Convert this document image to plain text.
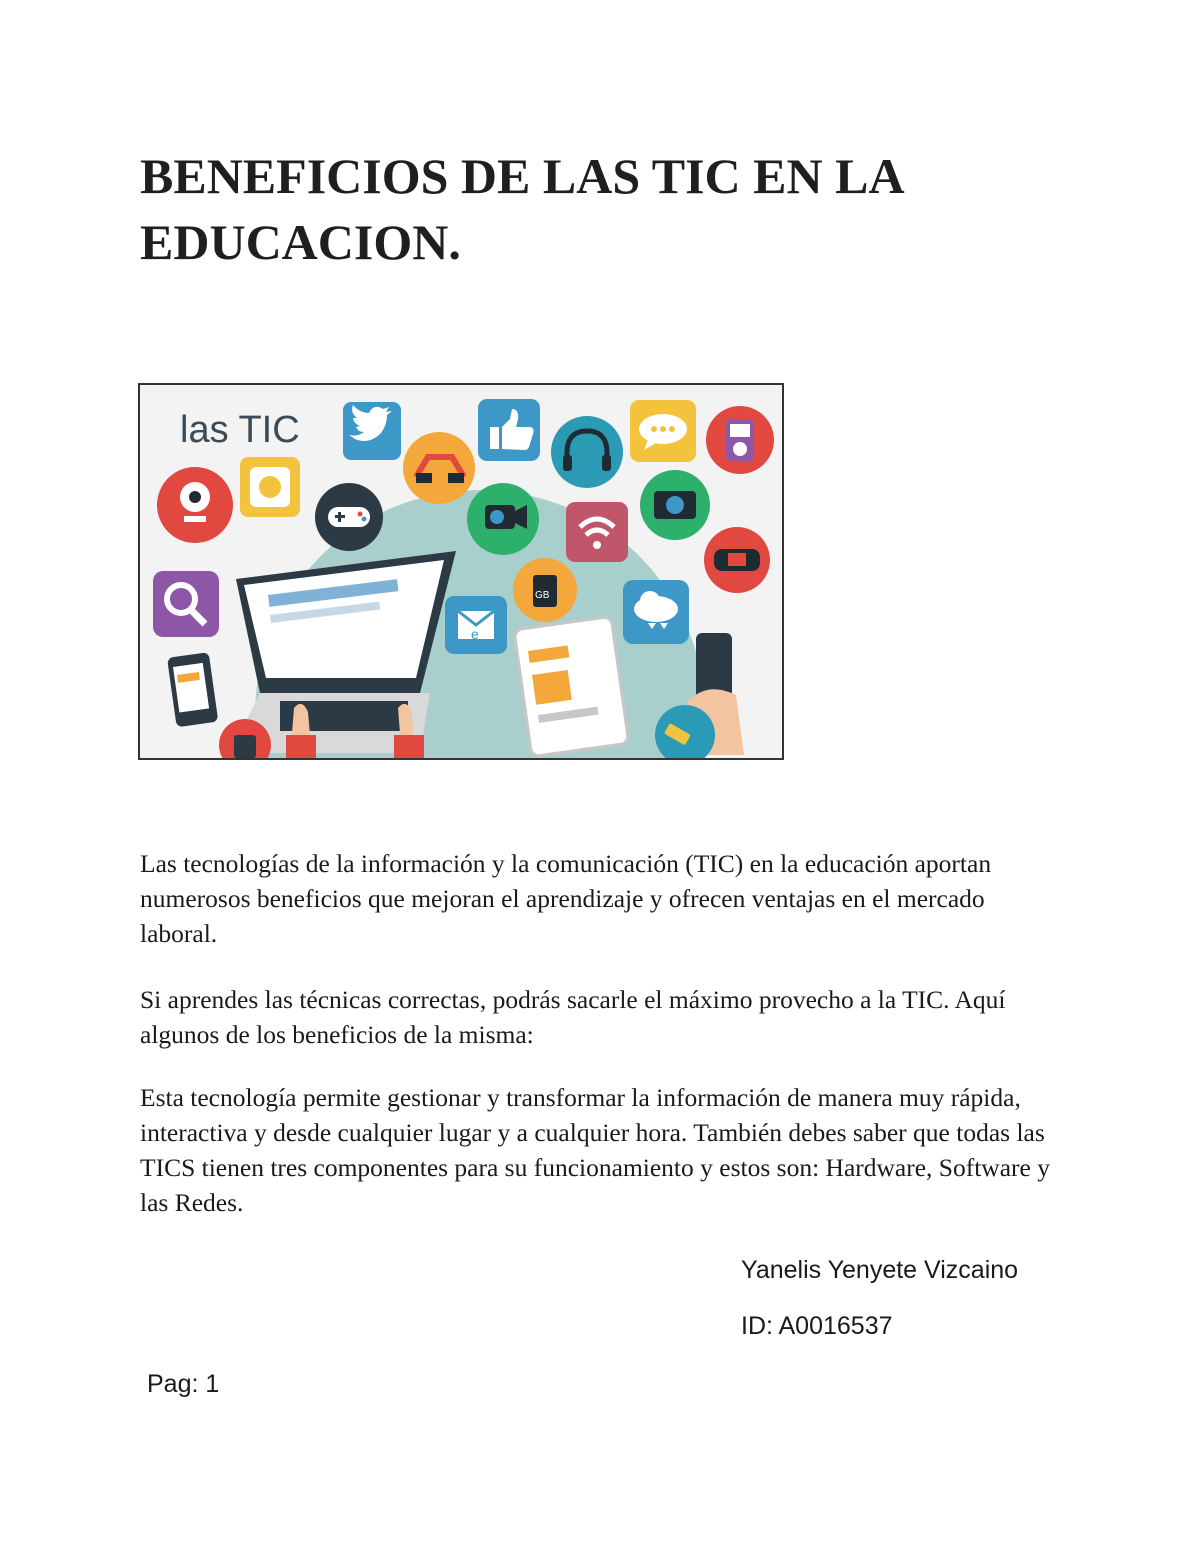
BENEFICIOS DE LAS TIC EN LA EDUCACION.
las TIC
e
GB

Las tecnologías de la información y la comunicación (TIC) en la educación aportan numerosos beneficios que mejoran el aprendizaje y ofrecen ventajas en el mercado laboral.

Si aprendes las técnicas correctas, podrás sacarle el máximo provecho a la TIC. Aquí algunos de los beneficios de la misma:

Esta tecnología permite gestionar y transformar la información de manera muy rápida, interactiva y desde cualquier lugar y a cualquier hora. También debes saber que todas las TICS tienen tres componentes para su funcionamiento y estos son: Hardware, Software y las Redes.

Yanelis Yenyete Vizcaino

ID: A0016537

Pag: 1
